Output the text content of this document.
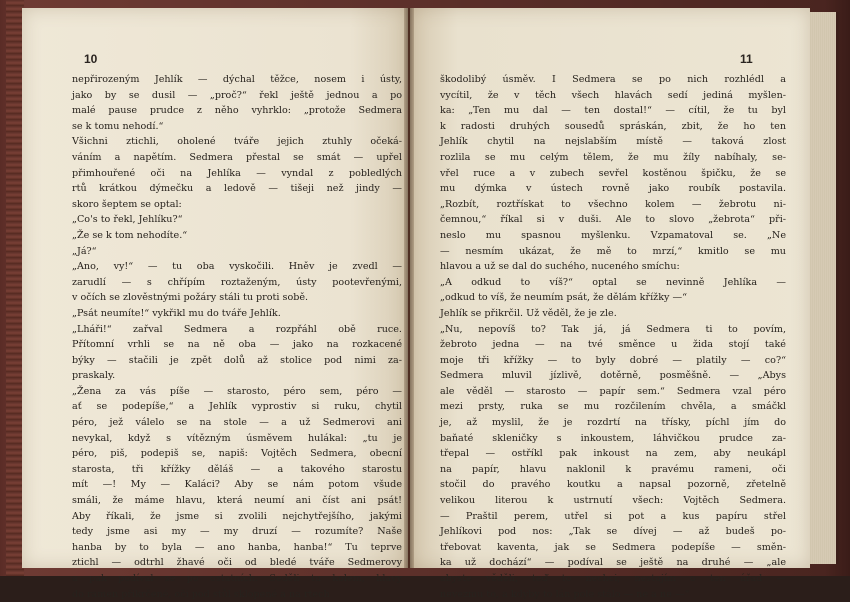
10
nepřirozeným Jehlík — dýchal těžce, nosem i ústy,
jako by se dusil — „proč?“ řekl ještě jednou a po
malé pause prudce z něho vyhrklo: „protože Sedmera
se k tomu nehodí.“
Všichni ztichli, oholené tváře jejich ztuhly očeká-
váním a napětím. Sedmera přestal se smát — upřel
přimhouřené oči na Jehlíka — vyndal z pobledlých
rtů krátkou dýmečku a ledově — tišeji než jindy —
skoro šeptem se optal:
„Co's to řekl, Jehlíku?“
„Že se k tom nehodíte.“
„Já?“
„Ano, vy!“ — tu oba vyskočili. Hněv je zvedl —
zarudlí — s chřípím roztaženým, ústy pootevřenými,
v očích se zlověstnými požáry stáli tu proti sobě.
„Psát neumíte!“ vykřikl mu do tváře Jehlík.
„Lháři!“ zařval Sedmera a rozpřáhl obě ruce.
Přítomní vrhli se na ně oba — jako na rozkacené
býky — stačili je zpět dolů až stolice pod nimi za-
praskaly.
„Žena za vás píše — starosto, péro sem, péro —
ať se podepíše,“ a Jehlík vyprostiv si ruku, chytil
péro, jež válelo se na stole — a už Sedmerovi ani
nevykal, když s vítězným úsměvem hulákal: „tu je
péro, piš, podepiš se, napiš: Vojtěch Sedmera, obecní
starosta, tři křížky děláš — a takového starostu
mít —! My — Kaláci? Aby se nám potom všude
smáli, že máme hlavu, která neumí ani číst ani psát!
Aby říkali, že jsme si zvolili nejchytřejšího, jakými
tedy jsme asi my — my druzí — rozumíte? Naše
hanba by to byla — ano hanba, hanba!“ Tu teprve
ztichl — odtrhl žhavé oči od bledé tváře Sedmerovy
a pak podíval se po ostatních. Seděli tu kolem, hlavy
do ramen přikrčené, oči pod stůl sklopené a na rtech
11
škodolibý úsměv. I Sedmera se po nich rozhlédl a
vycítil, že v těch všech hlavách sedí jediná myšlen-
ka: „Ten mu dal — ten dostal!“ — cítil, že tu byl
k radosti druhých sousedů spráskán, zbit, že ho ten
Jehlík chytil na nejslabším místě — taková zlost
rozlila se mu celým tělem, že mu žíly nabíhaly, se-
vřel ruce a v zubech sevřel kostěnou špičku, že se
mu dýmka v ústech rovně jako roubík postavila.
„Rozbít, roztřískat to všechno kolem — žebrotu ni-
čemnou,“ říkal si v duši. Ale to slovo „žebrota“ při-
neslo mu spasnou myšlenku. Vzpamatoval se. „Ne
— nesmím ukázat, že mě to mrzí,“ kmitlo se mu
hlavou a už se dal do suchého, nuceného smíchu:
„A odkud to víš?“ optal se nevinně Jehlíka —
„odkud to víš, že neumím psát, že dělám křížky —“
Jehlík se přikrčil. Už věděl, že je zle.
„Nu, nepovíš to? Tak já, já Sedmera ti to povím,
žebroto jedna — na tvé směnce u žida stojí také
moje tři křížky — to byly dobré — platily — co?“
Sedmera mluvil jízlivě, dotěrně, posměšně. — „Abys
ale věděl — starosto — papír sem.“ Sedmera vzal péro
mezi prsty, ruka se mu rozčilením chvěla, a smáčkl
je, až myslil, že je rozdrtí na třísky, píchl jím do
baňaté skleničky s inkoustem, láhvičkou prudce za-
třepal — ostříkl pak inkoust na zem, aby neukápl
na papír, hlavu naklonil k pravému rameni, oči
stočil do pravého koutku a napsal pozorně, zřetelně
velikou literou k ustrnutí všech: Vojtěch Sedmera.
— Praštil perem, utřel si pot a kus papíru střel
Jehlíkovi pod nos: „Tak se dívej — až budeš po-
třebovat kaventa, jak se Sedmera podepíše — směn-
ka už dochází“ — podíval se ještě na druhé — „ale
abyste věděli, teď to nechci, nestojím o ten úřad —
nevezmu to, a kdyby to lán pole stálo — ne a ne —“
